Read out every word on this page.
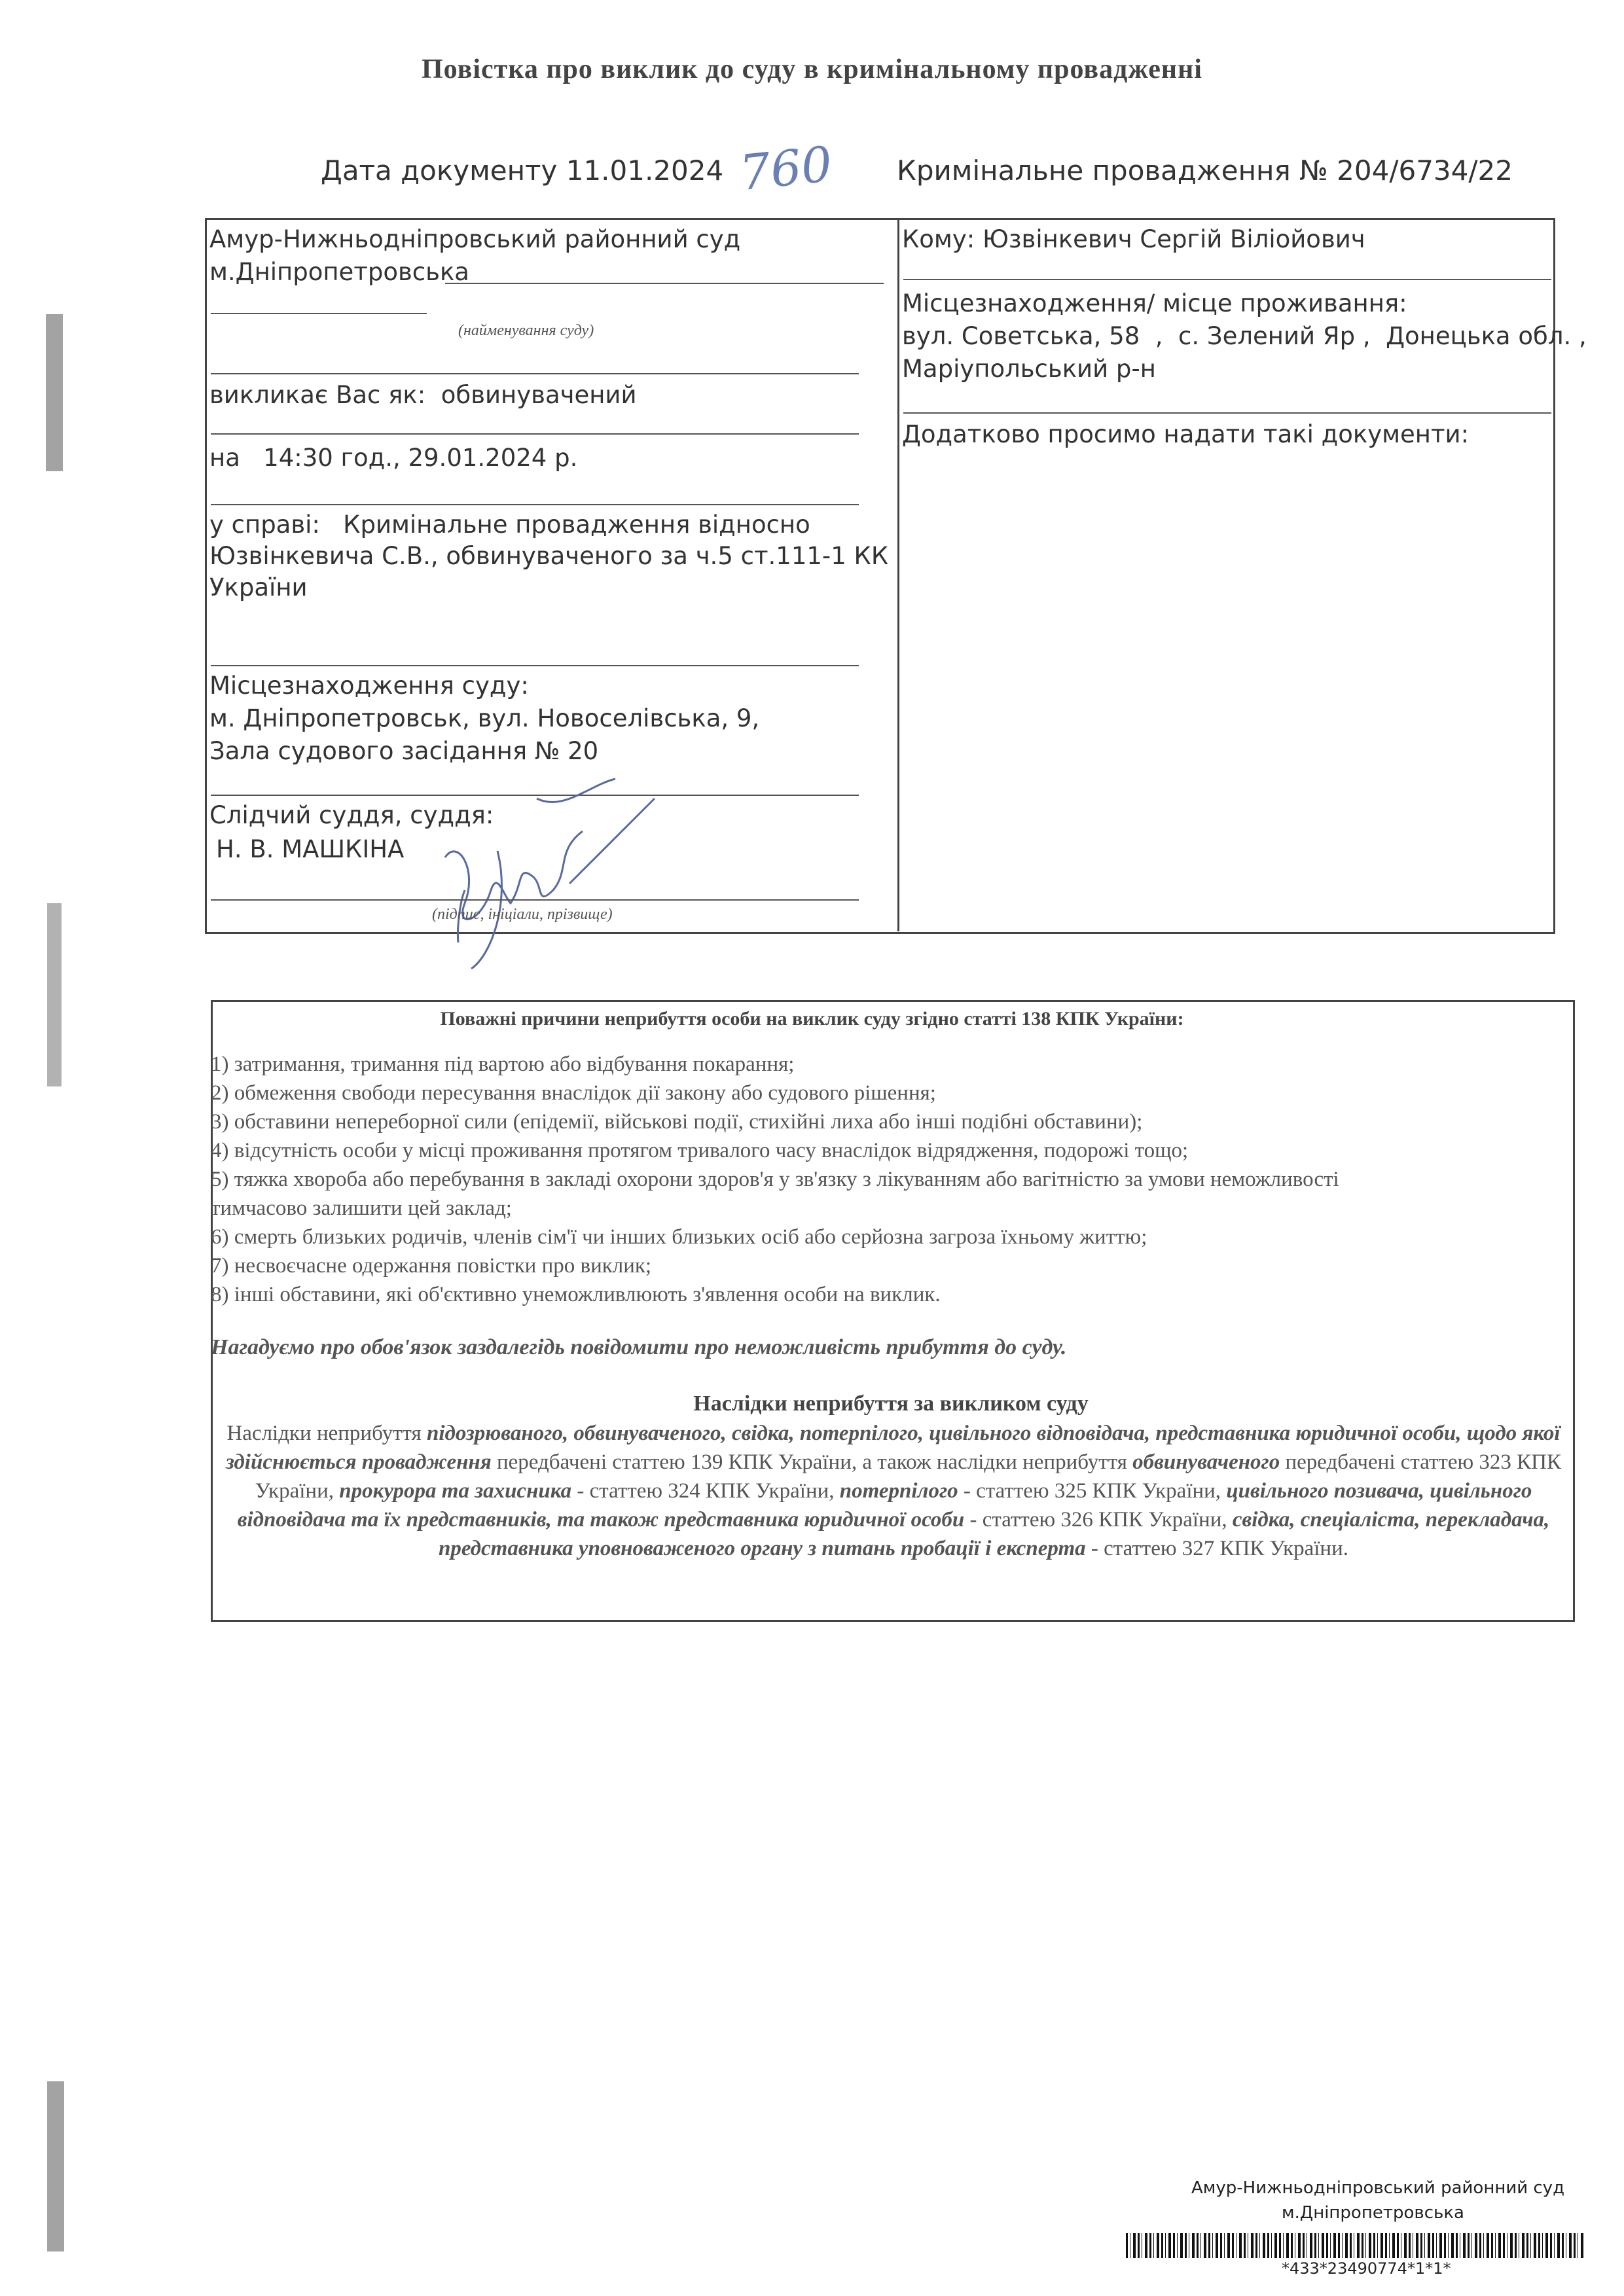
Повістка про виклик до суду в кримінальному провадженні
Дата документу 11.01.2024 760 Кримінальне провадження № 204/6734/22
Амур-Нижньодніпровський районний суд
м.Дніпропетровська
(найменування суду)
викликає Вас як:  обвинувачений
на   14:30 год., 29.01.2024 р.
у справі:   Кримінальне провадження відносно
Юзвінкевича С.В., обвинуваченого за ч.5 ст.111-1 КК
України
Місцезнаходження суду:
м. Дніпропетровськ, вул. Новоселівська, 9,
Зала судового засідання № 20
Слідчий суддя, суддя:
Н. В. МАШКІНА
(підпис, ініціали, прізвище)
Кому: Юзвінкевич Сергій Віліойович
Місцезнаходження/ місце проживання:
вул. Советська, 58  ,  с. Зелений Яр ,  Донецька обл. ,
Маріупольський р-н
Додатково просимо надати такі документи:
Поважні причини неприбуття особи на виклик суду згідно статті 138 КПК України:
1) затримання, тримання під вартою або відбування покарання;
2) обмеження свободи пересування внаслідок дії закону або судового рішення;
3) обставини непереборної сили (епідемії, військові події, стихійні лиха або інші подібні обставини);
4) відсутність особи у місці проживання протягом тривалого часу внаслідок відрядження, подорожі тощо;
5) тяжка хвороба або перебування в закладі охорони здоров'я у зв'язку з лікуванням або вагітністю за умови неможливості
тимчасово залишити цей заклад;
6) смерть близьких родичів, членів сім'ї чи інших близьких осіб або серйозна загроза їхньому життю;
7) несвоєчасне одержання повістки про виклик;
8) інші обставини, які об'єктивно унеможливлюють з'явлення особи на виклик.
Нагадуємо про обов'язок заздалегідь повідомити про неможливість прибуття до суду.
Наслідки неприбуття за викликом суду
Наслідки неприбуття підозрюваного, обвинуваченого, свідка, потерпілого, цивільного відповідача, представника юридичної особи, щодо якої здійснюється провадження передбачені статтею 139 КПК України, а також наслідки неприбуття обвинуваченого передбачені статтею 323 КПК України, прокурора та захисника - статтею 324 КПК України, потерпілого - статтею 325 КПК України, цивільного позивача, цивільного відповідача та їх представників, та також представника юридичної особи - статтею 326 КПК України, свідка, спеціаліста, перекладача, представника уповноваженого органу з питань пробації і експерта - статтею 327 КПК України.
Амур-Нижньодніпровський районний суд
м.Дніпропетровська
*433*23490774*1*1*
